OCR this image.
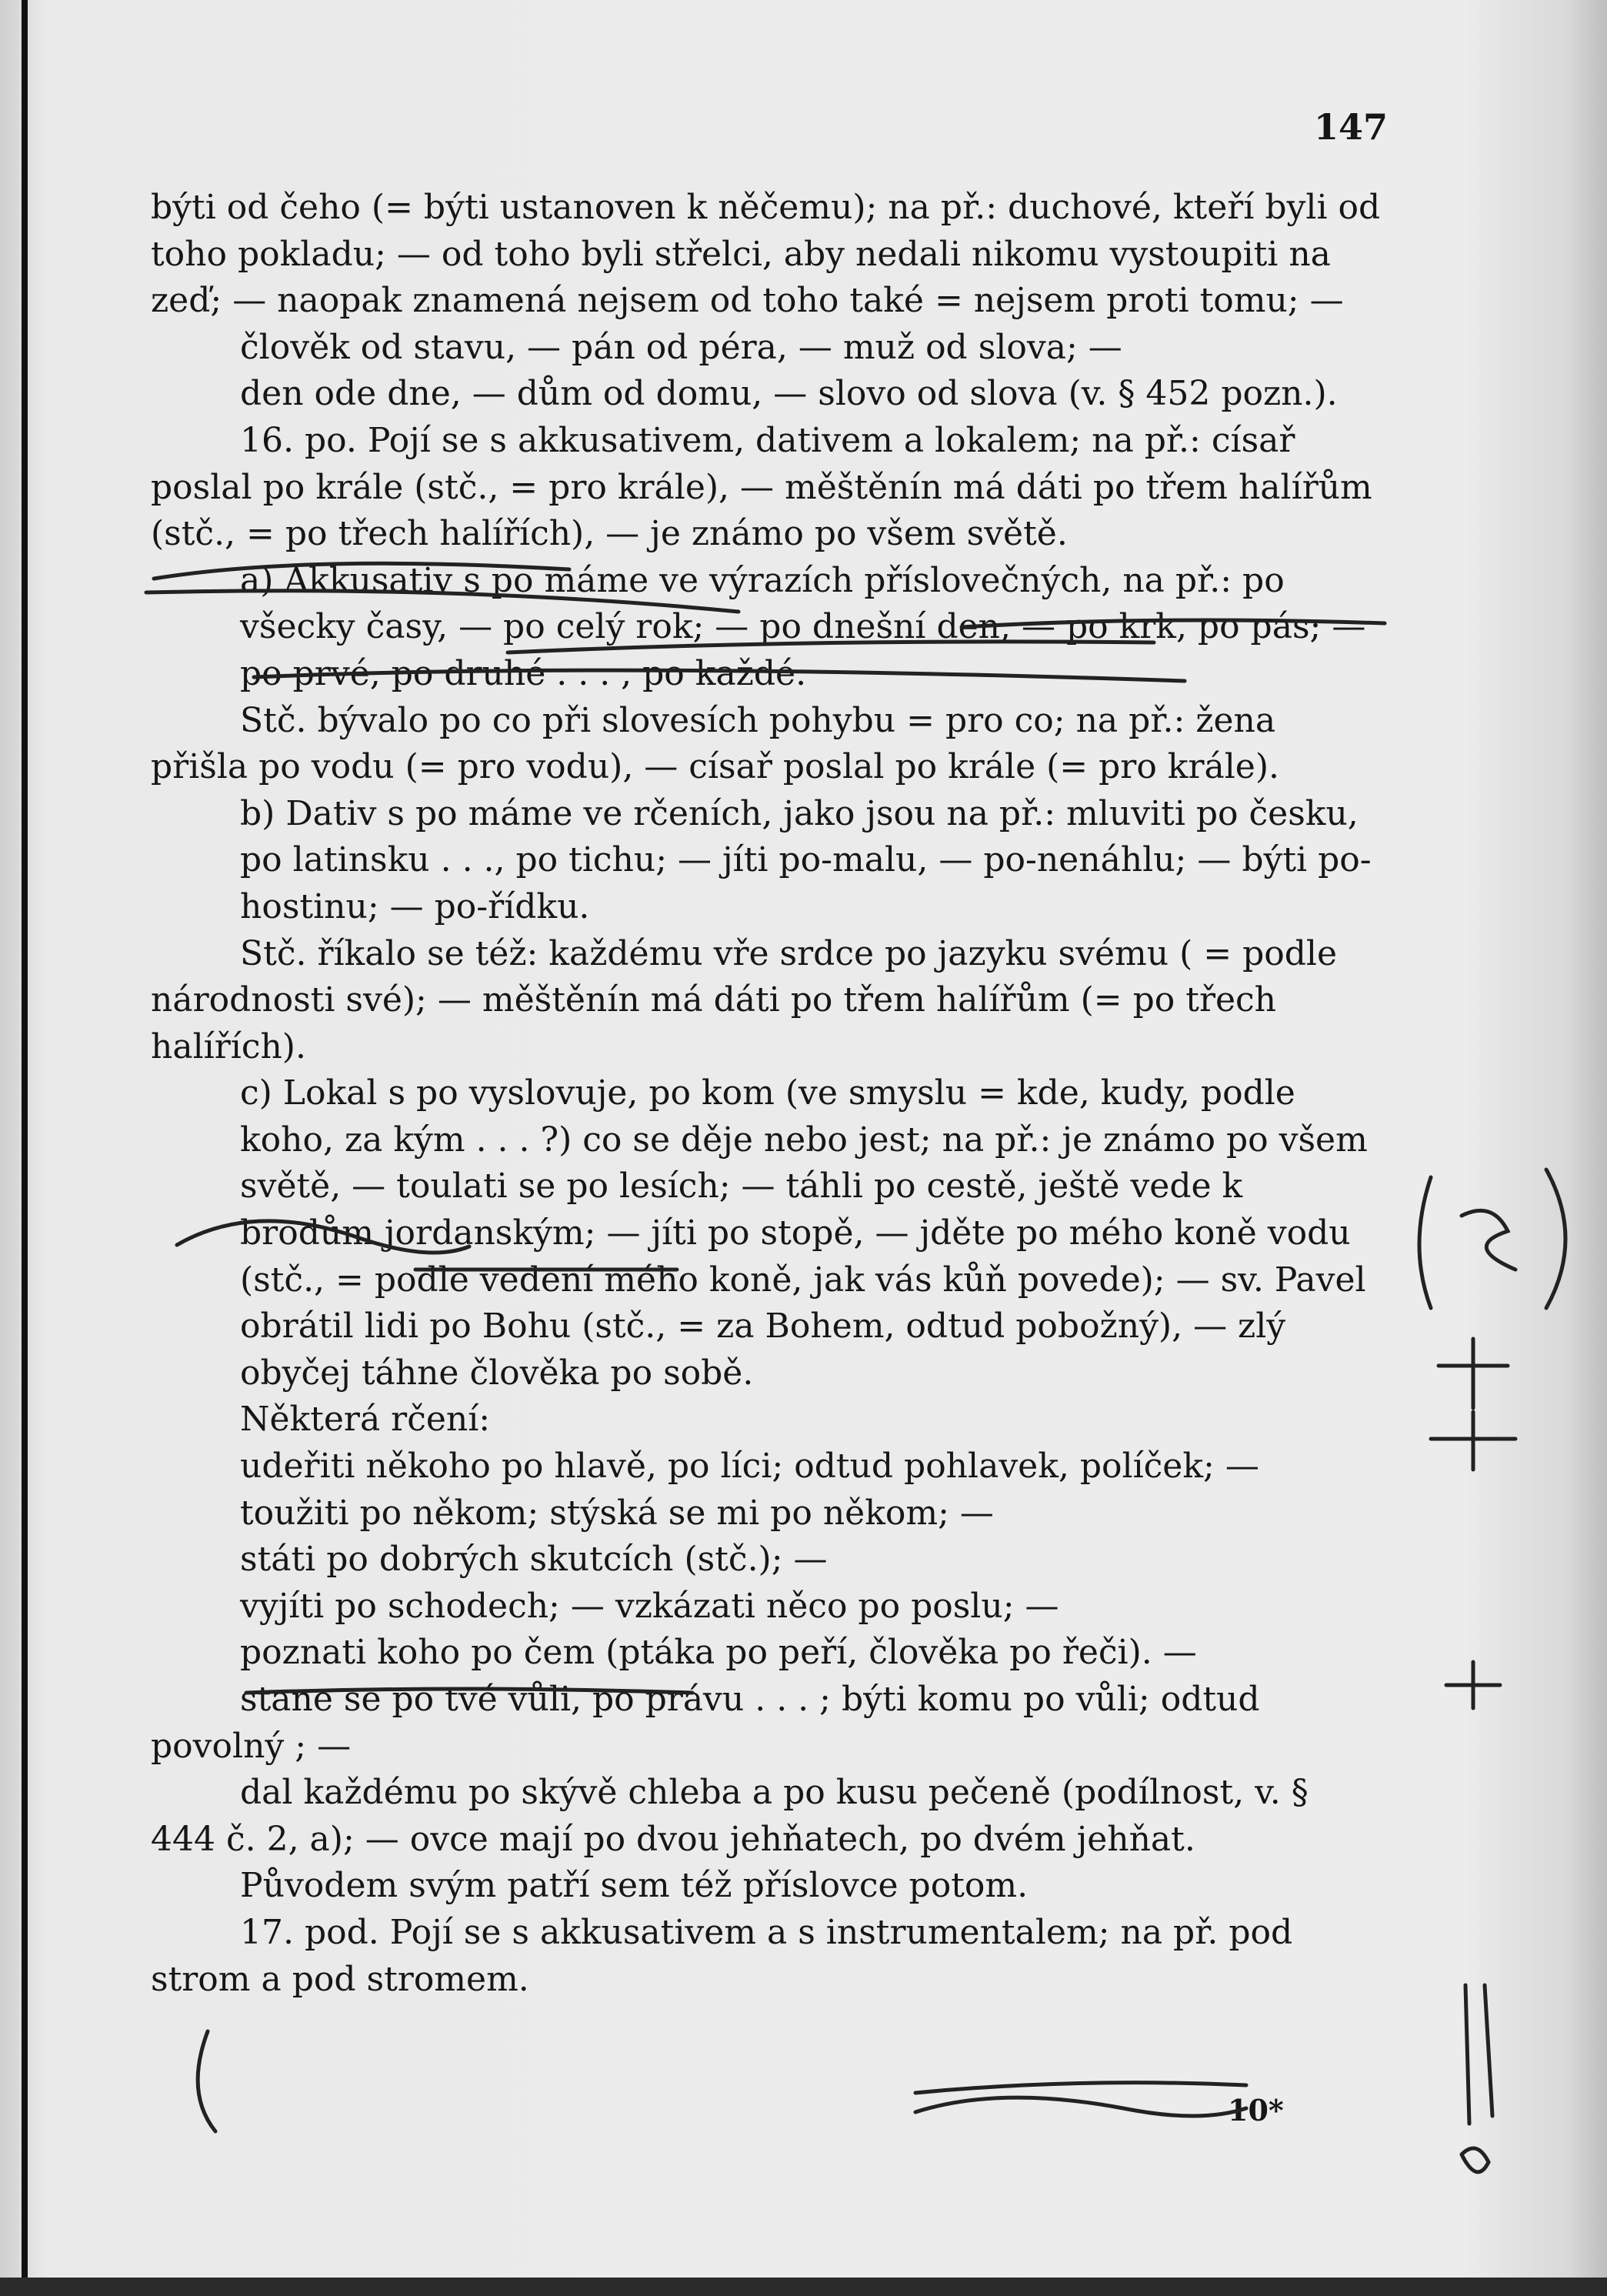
147

býti od čeho (= býti ustanoven k něčemu); na př.: duchové, kteří byli od toho pokladu; — od toho byli střelci, aby nedali nikomu vystoupiti na zeď; — naopak znamená nejsem od toho také = nejsem proti tomu; —

člověk od stavu, — pán od péra, — muž od slova; —

den ode dne, — dům od domu, — slovo od slova (v. § 452 pozn.).

16. po. Pojí se s akkusativem, dativem a lokalem; na př.: císař poslal po krále (stč., = pro krále), — měštěnín má dáti po třem halířům (stč., = po třech halířích), — je známo po všem světě.

a) Akkusativ s po máme ve výrazích příslovečných, na př.: po všecky časy, — po celý rok; — po dnešní den, — po krk, po pás; — po prvé, po druhé . . . , po každé.

Stč. bývalo po co při slovesích pohybu = pro co; na př.: žena přišla po vodu (= pro vodu), — císař poslal po krále (= pro krále).

b) Dativ s po máme ve rčeních, jako jsou na př.: mluviti po česku, po latinsku . . ., po tichu; — jíti po-malu, — po-nenáhlu; — býti po-hostinu; — po-řídku.

Stč. říkalo se též: každému vře srdce po jazyku svému ( = podle národnosti své); — měštěnín má dáti po třem halířům (= po třech halířích).

c) Lokal s po vyslovuje, po kom (ve smyslu = kde, kudy, podle koho, za kým . . . ?) co se děje nebo jest; na př.: je známo po všem světě, — toulati se po lesích; — táhli po cestě, ještě vede k brodům jordanským; — jíti po stopě, — jděte po mého koně vodu (stč., = podle vedení mého koně, jak vás kůň povede); — sv. Pavel obrátil lidi po Bohu (stč., = za Bohem, odtud pobožný), — zlý obyčej táhne člověka po sobě.

Některá rčení:

udeřiti někoho po hlavě, po líci; odtud pohlavek, políček; —

toužiti po někom; stýská se mi po někom; —

státi po dobrých skutcích (stč.); —

vyjíti po schodech; — vzkázati něco po poslu; —

poznati koho po čem (ptáka po peří, člověka po řeči). —

stane se po tvé vůli, po právu . . . ; býti komu po vůli; odtud povolný ; —

dal každému po skývě chleba a po kusu pečeně (podílnost, v. § 444 č. 2, a); — ovce mají po dvou jehňatech, po dvém jehňat.

Původem svým patří sem též příslovce potom.

17. pod. Pojí se s akkusativem a s instrumentalem; na př. pod strom a pod stromem.

10*
